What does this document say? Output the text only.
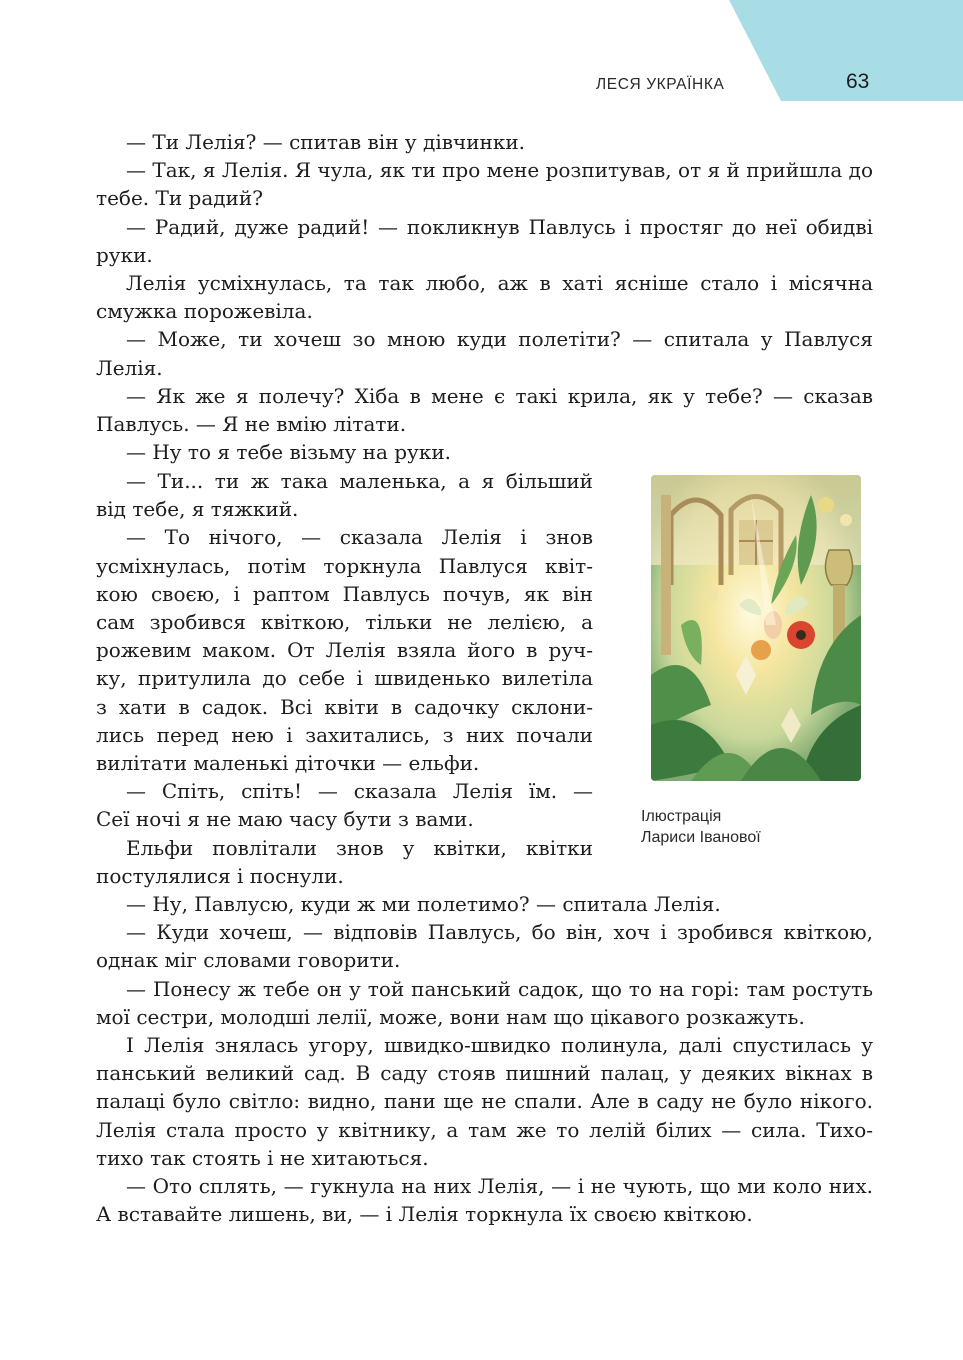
ЛЕСЯ УКРАЇНКА	63

— Ти Лелія? — спитав він у дівчинки.

— Так, я Лелія. Я чула, як ти про мене розпитував, от я й прийшла до тебе. Ти радий?

— Радий, дуже радий! — покликнув Павлусь і простяг до неї обидві руки.

Лелія усміхнулась, та так любо, аж в хаті ясніше стало і місячна смужка порожевіла.

— Може, ти хочеш зо мною куди полетіти? — спитала у Павлуся Лелія.

— Як же я полечу? Хіба в мене є такі крила, як у тебе? — сказав Павлусь. — Я не вмію літати.

— Ну то я тебе візьму на руки.

— Ти... ти ж така маленька, а я більший
від тебе, я тяжкий.
— То нічого, — сказала Лелія і знов
усміхнулась, потім торкнула Павлуся квіт-
кою своєю, і раптом Павлусь почув, як він
сам зробився квіткою, тільки не лелією, а
рожевим маком. От Лелія взяла його в руч-
ку, притулила до себе і швиденько вилетіла
з хати в садок. Всі квіти в садочку склони-
лись перед нею і захитались, з них почали
вилітати маленькі діточки — ельфи.
— Спіть, спіть! — сказала Лелія їм. —
Сеї ночі я не маю часу бути з вами.
Ельфи повлітали знов у квітки, квітки
постулялися і поснули.
Ілюстрація
Лариси Іванової

— Ну, Павлусю, куди ж ми полетимо? — спитала Лелія.

— Куди хочеш, — відповів Павлусь, бо він, хоч і зробився квіткою, однак міг словами говорити.

— Понесу ж тебе он у той панський садок, що то на горі: там ростуть мої сестри, молодші лелії, може, вони нам що цікавого розкажуть.

І Лелія знялась угору, швидко-швидко полинула, далі спустилась у панський великий сад. В саду стояв пишний палац, у деяких вікнах в палаці було світло: видно, пани ще не спали. Але в саду не було нікого. Лелія стала просто у квітнику, а там же то лелій білих — сила. Тихо-тихо так стоять і не хитаються.

— Ото сплять, — гукнула на них Лелія, — і не чують, що ми коло них. А вставайте лишень, ви, — і Лелія торкнула їх своєю квіткою.
